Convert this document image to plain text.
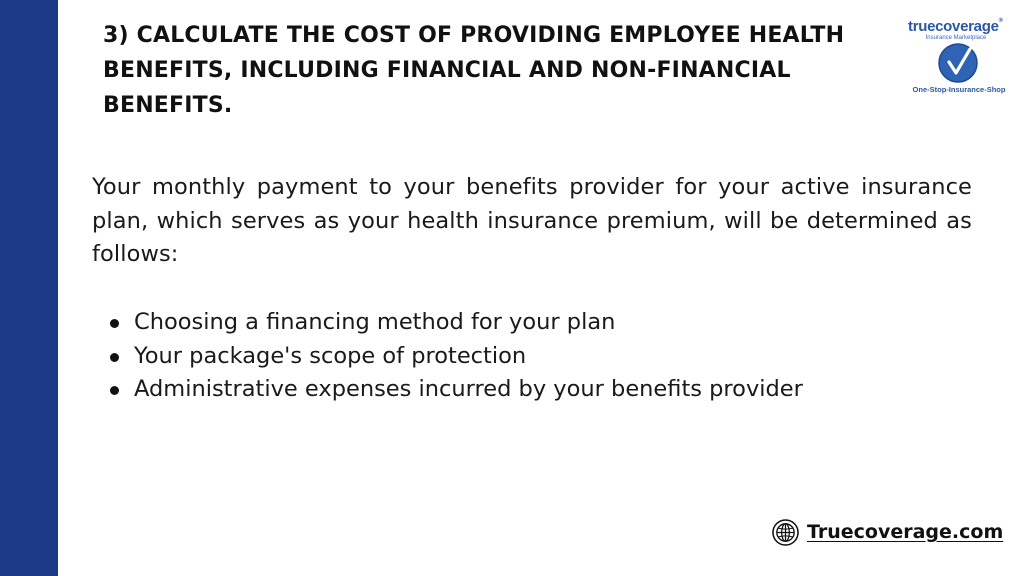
3) CALCULATE THE COST OF PROVIDING EMPLOYEE HEALTH BENEFITS, INCLUDING FINANCIAL AND NON-FINANCIAL BENEFITS.
truecoverage®
Insurance Marketplace
One-Stop-Insurance-Shop

Your monthly payment to your benefits provider for your active insurance plan, which serves as your health insurance premium, will be determined as follows:

Choosing a financing method for your plan
Your package's scope of protection
Administrative expenses incurred by your benefits provider
Truecoverage.com
